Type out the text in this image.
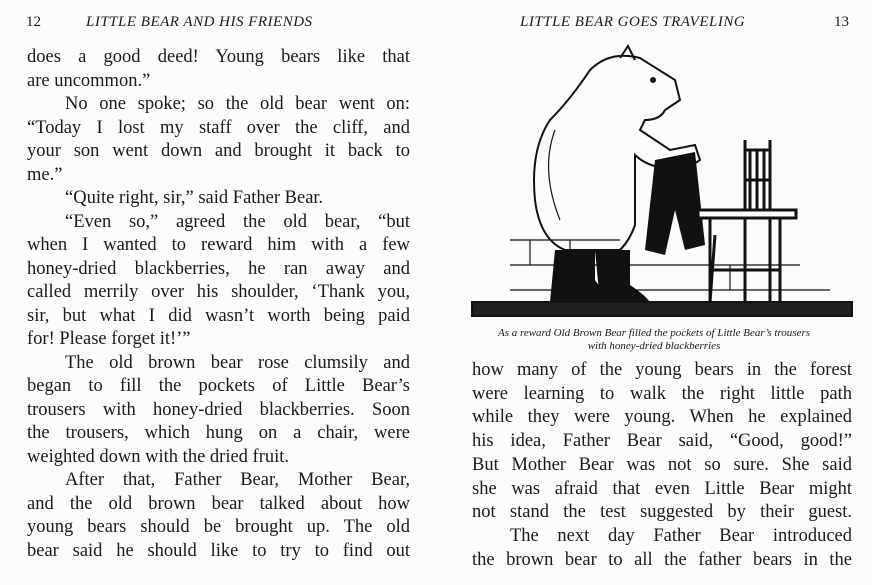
12	LITTLE BEAR AND HIS FRIENDS
does a good deed! Young bears like that
are uncommon.”
No one spoke; so the old bear went on:
“Today I lost my staff over the cliff, and
your son went down and brought it back to
me.”
“Quite right, sir,” said Father Bear.
“Even so,” agreed the old bear, “but
when I wanted to reward him with a few
honey-dried blackberries, he ran away and
called merrily over his shoulder, ‘Thank you,
sir, but what I did wasn’t worth being paid
for! Please forget it!’”
The old brown bear rose clumsily and
began to fill the pockets of Little Bear’s
trousers with honey-dried blackberries. Soon
the trousers, which hung on a chair, were
weighted down with the dried fruit.
After that, Father Bear, Mother Bear,
and the old brown bear talked about how
young bears should be brought up. The old
bear said he should like to try to find out
LITTLE BEAR GOES TRAVELING	13
As a reward Old Brown Bear filled the pockets of Little Bear’s trousers
with honey-dried blackberries
how many of the young bears in the forest
were learning to walk the right little path
while they were young. When he explained
his idea, Father Bear said, “Good, good!”
But Mother Bear was not so sure. She said
she was afraid that even Little Bear might
not stand the test suggested by their guest.
The next day Father Bear introduced
the brown bear to all the father bears in the
